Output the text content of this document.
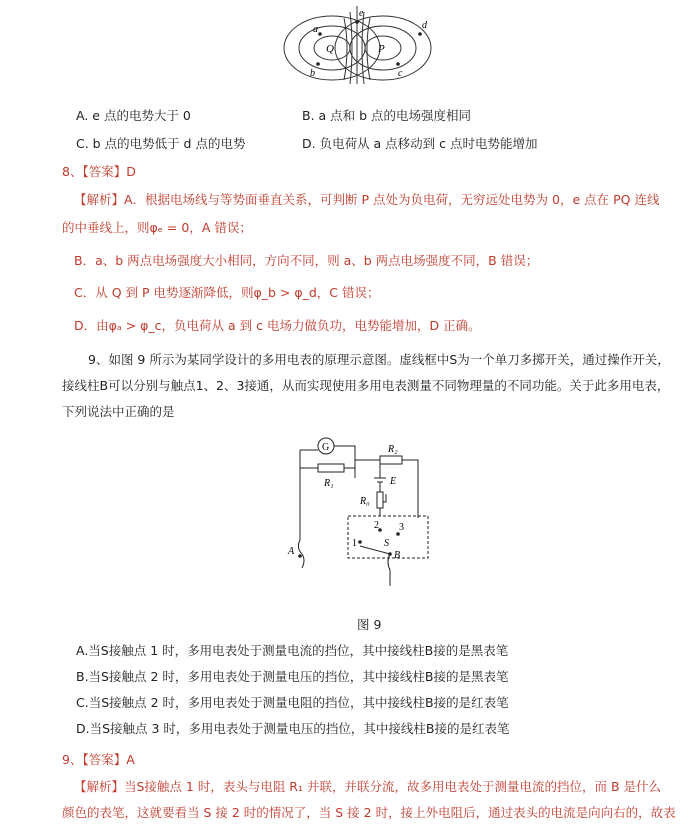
Q	P
a
b	c
d
e
A. e 点的电势大于 0	B. a 点和 b 点的电场强度相同
C. b 点的电势低于 d 点的电势	D. 负电荷从 a 点移动到 c 点时电势能增加
8、【答案】D
【解析】A．根据电场线与等势面垂直关系，可判断 P 点处为负电荷，无穷远处电势为 0，e 点在 PQ 连线
的中垂线上，则φₑ = 0，A 错误；
B．a、b 两点电场强度大小相同，方向不同，则 a、b 两点电场强度不同，B 错误；
C．从 Q 到 P 电势逐渐降低，则φ_b > φ_d，C 错误；
D．由φₐ > φ_c，负电荷从 a 到 c 电场力做负功，电势能增加，D 正确。
9、如图 9 所示为某同学设计的多用电表的原理示意图。虚线框中S为一个单刀多掷开关，通过操作开关，
接线柱B可以分别与触点1、2、3接通，从而实现使用多用电表测量不同物理量的不同功能。关于此多用电表，
下列说法中正确的是
G
R₁
R₂
E
R₀
1
2 3
S
A	B
图 9
A.当S接触点 1 时，多用电表处于测量电流的挡位，其中接线柱B接的是黑表笔
B.当S接触点 2 时，多用电表处于测量电压的挡位，其中接线柱B接的是黑表笔
C.当S接触点 2 时，多用电表处于测量电阻的挡位，其中接线柱B接的是红表笔
D.当S接触点 3 时，多用电表处于测量电压的挡位，其中接线柱B接的是红表笔
9、【答案】A
【解析】当S接触点 1 时，表头与电阻 R₁ 并联，并联分流，故多用电表处于测量电流的挡位，而 B 是什么
颜色的表笔，这就要看当 S 接 2 时的情况了，当 S 接 2 时，接上外电阻后，通过表头的电流是向向右的，故表
